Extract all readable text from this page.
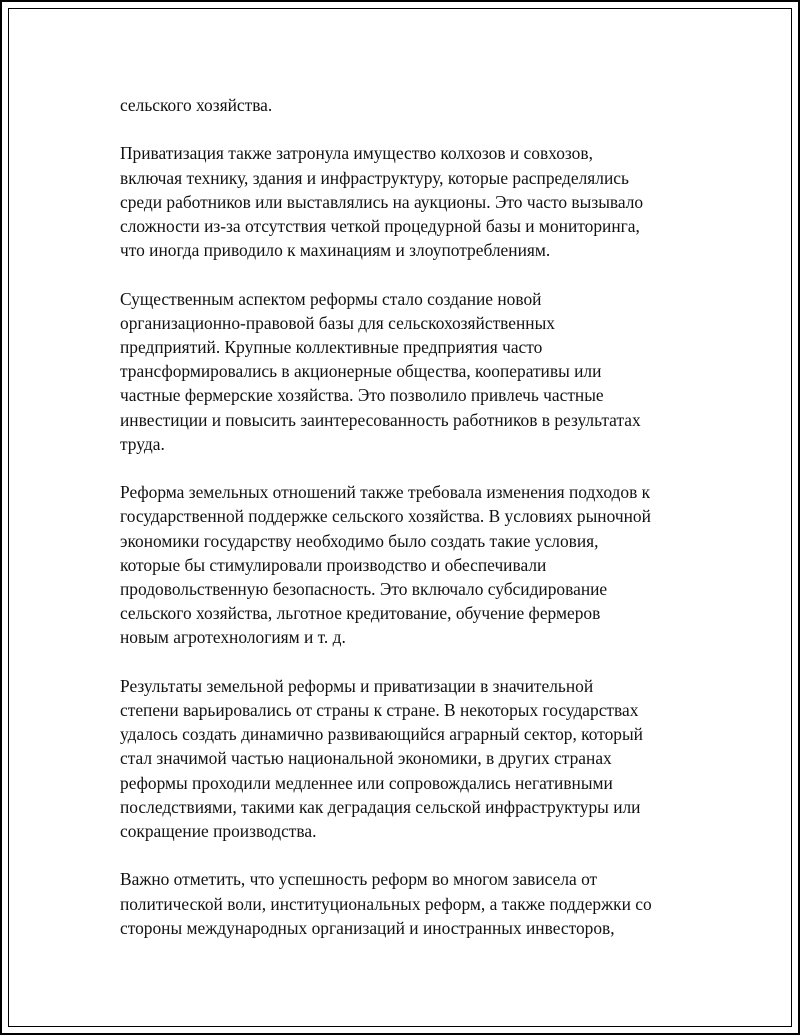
сельского хозяйства.

Приватизация также затронула имущество колхозов и совхозов,
включая технику, здания и инфраструктуру, которые распределялись
среди работников или выставлялись на аукционы. Это часто вызывало
сложности из-за отсутствия четкой процедурной базы и мониторинга,
что иногда приводило к махинациям и злоупотреблениям.

Существенным аспектом реформы стало создание новой
организационно-правовой базы для сельскохозяйственных
предприятий. Крупные коллективные предприятия часто
трансформировались в акционерные общества, кооперативы или
частные фермерские хозяйства. Это позволило привлечь частные
инвестиции и повысить заинтересованность работников в результатах
труда.

Реформа земельных отношений также требовала изменения подходов к
государственной поддержке сельского хозяйства. В условиях рыночной
экономики государству необходимо было создать такие условия,
которые бы стимулировали производство и обеспечивали
продовольственную безопасность. Это включало субсидирование
сельского хозяйства, льготное кредитование, обучение фермеров
новым агротехнологиям и т. д.

Результаты земельной реформы и приватизации в значительной
степени варьировались от страны к стране. В некоторых государствах
удалось создать динамично развивающийся аграрный сектор, который
стал значимой частью национальной экономики, в других странах
реформы проходили медленнее или сопровождались негативными
последствиями, такими как деградация сельской инфраструктуры или
сокращение производства.

Важно отметить, что успешность реформ во многом зависела от
политической воли, институциональных реформ, а также поддержки со
стороны международных организаций и иностранных инвесторов,
